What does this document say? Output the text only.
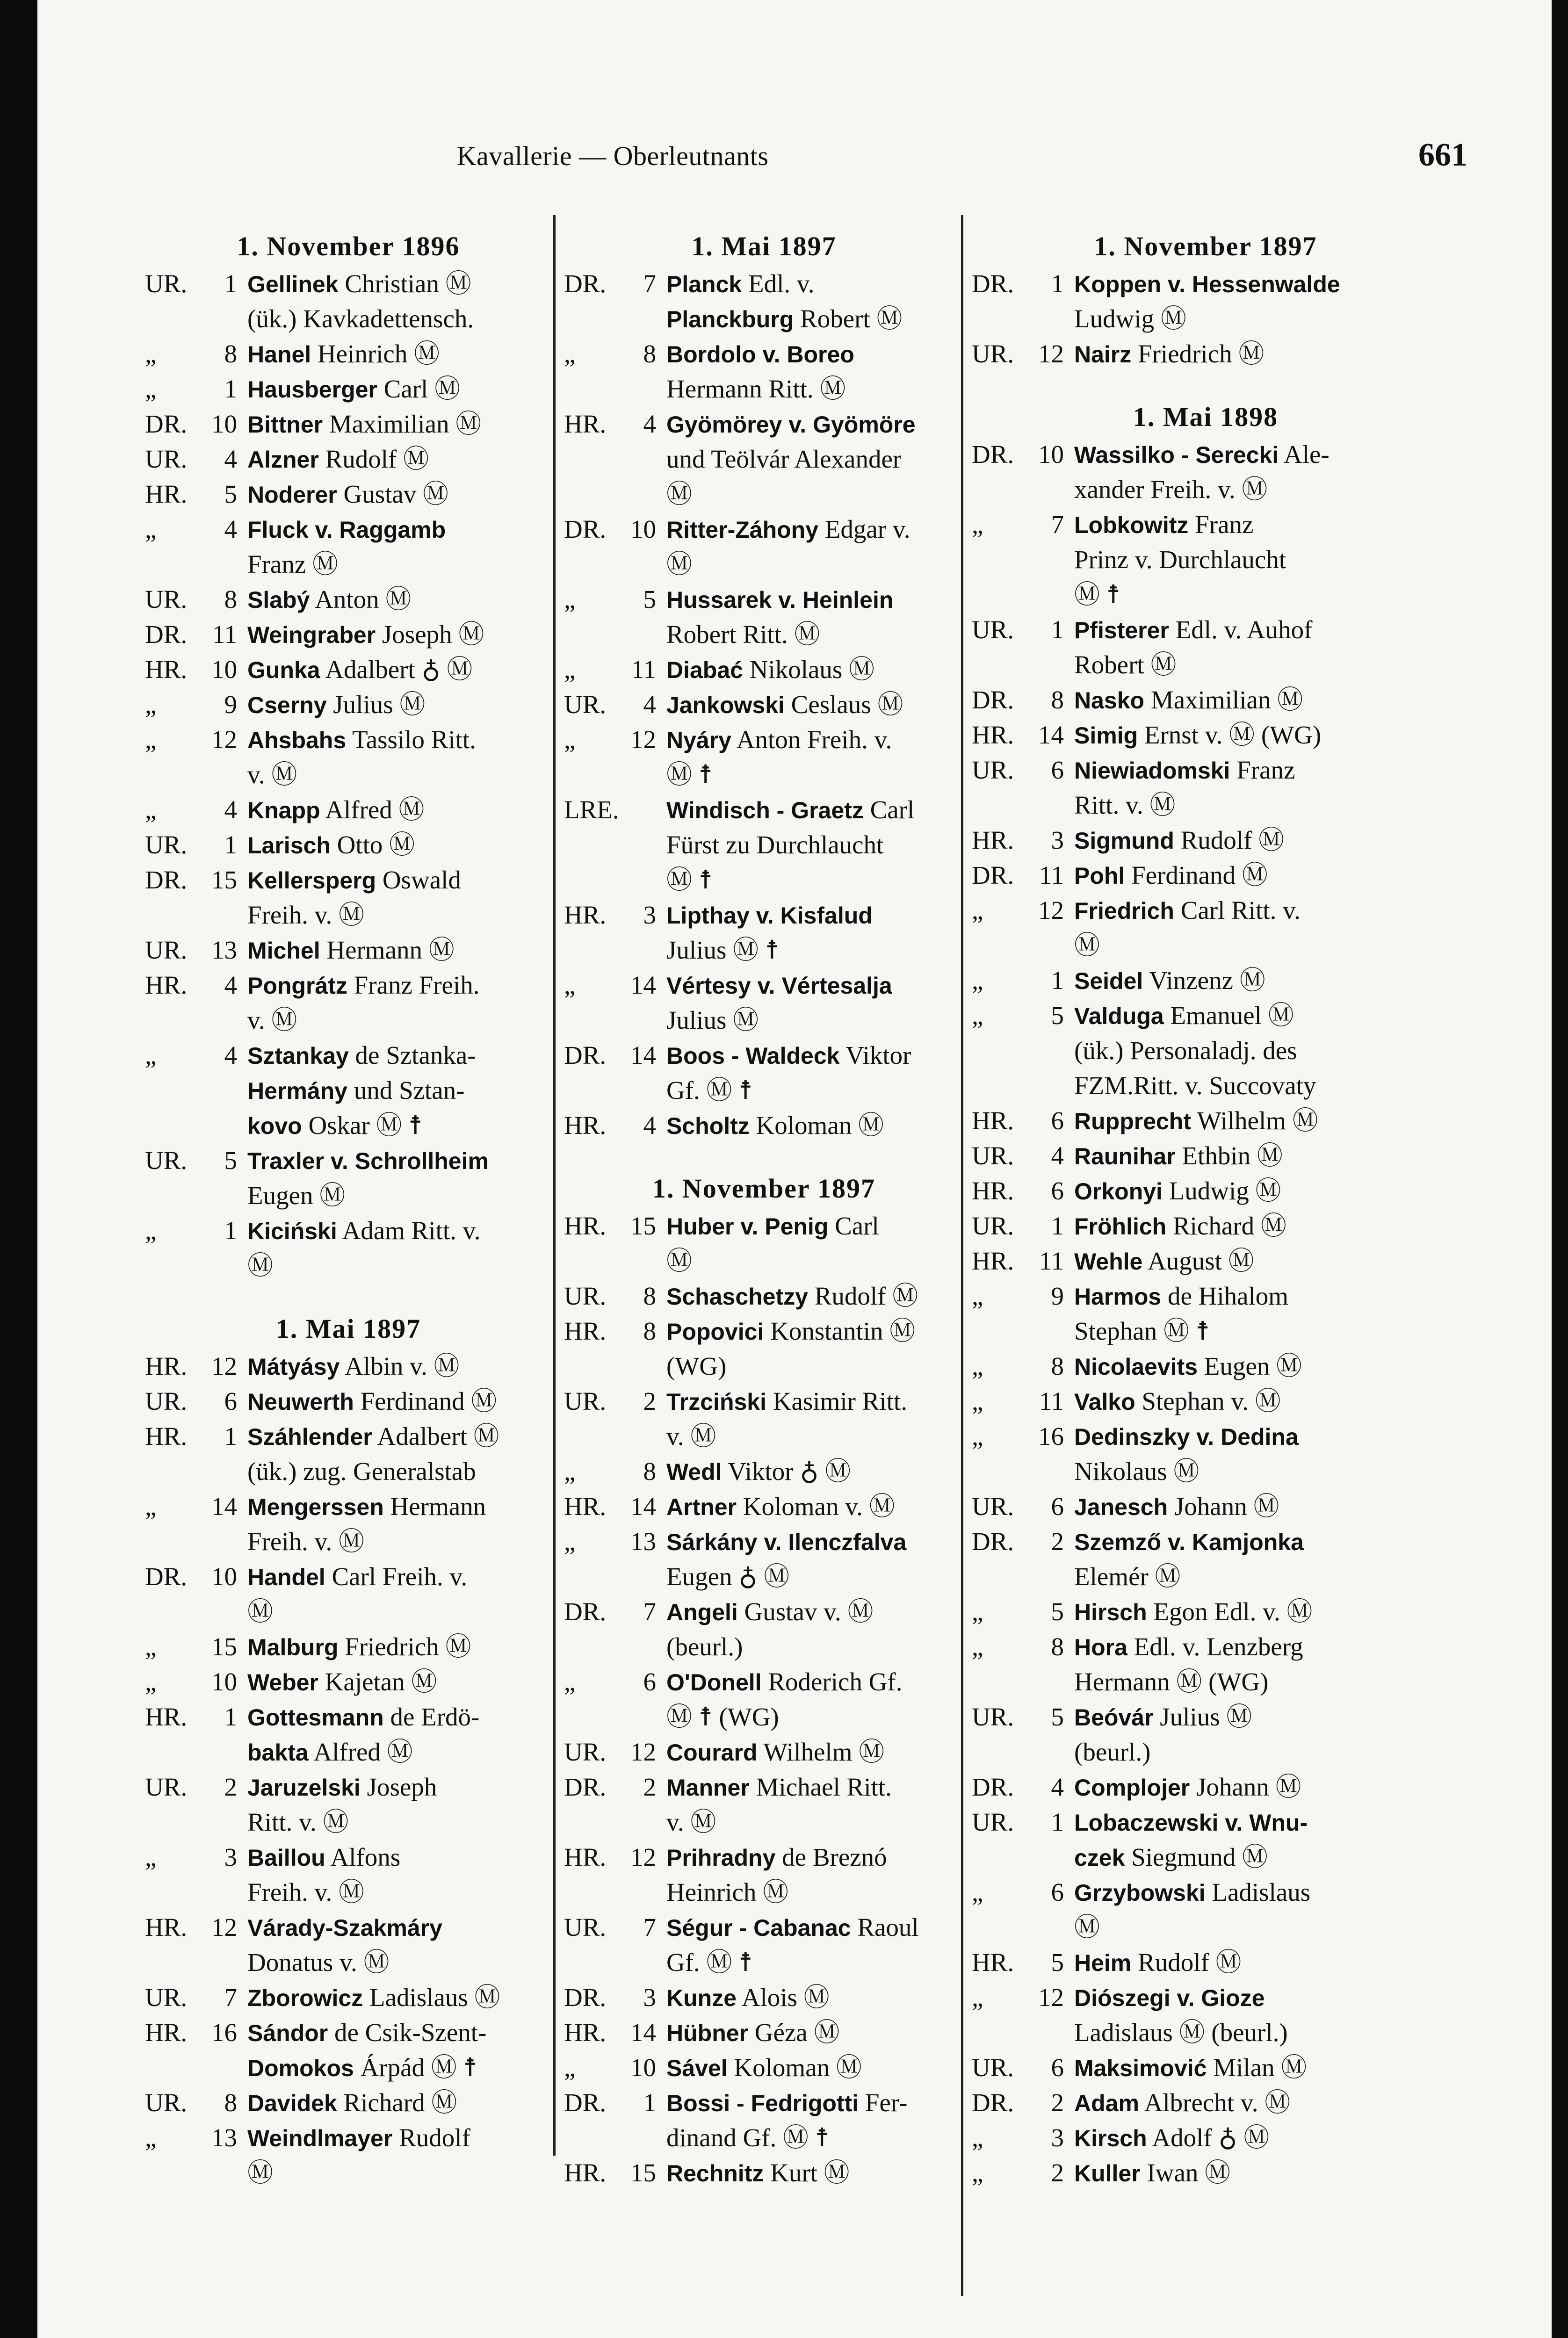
Kavallerie — Oberleutnants	661
1. November 1896
UR.	1 Gellinek Christian Ⓜ
(ük.) Kavkadettensch.
„	8 Hanel Heinrich Ⓜ
„	1 Hausberger Carl Ⓜ
DR. 10 Bittner Maximilian Ⓜ
UR.	4 Alzner Rudolf Ⓜ
HR.	5 Noderer Gustav Ⓜ
„	4 Fluck v. Raggamb
Franz Ⓜ
UR.	8 Slabý Anton Ⓜ
DR. 11 Weingraber Joseph Ⓜ
HR. 10 Gunka Adalbert ♁ Ⓜ
„	9 Cserny Julius Ⓜ
„	12 Ahsbahs Tassilo Ritt.
v. Ⓜ
„	4 Knapp Alfred Ⓜ
UR.	1 Larisch Otto Ⓜ
DR. 15 Kellersperg Oswald
Freih. v. Ⓜ
UR. 13 Michel Hermann Ⓜ
HR.	4 Pongrátz Franz Freih.
v. Ⓜ
„	4 Sztankay de Sztanka-
Hermány und Sztan-
kovo Oskar Ⓜ ☨
UR.	5 Traxler v. Schrollheim
Eugen Ⓜ
„	1 Kiciński Adam Ritt. v.
Ⓜ
1. Mai 1897
HR. 12 Mátyásy Albin v. Ⓜ
UR.	6 Neuwerth Ferdinand Ⓜ
HR.	1 Száhlender Adalbert Ⓜ
(ük.) zug. Generalstab
„	14 Mengerssen Hermann
Freih. v. Ⓜ
DR. 10 Handel Carl Freih. v.
Ⓜ
„	15 Malburg Friedrich Ⓜ
„	10 Weber Kajetan Ⓜ
HR.	1 Gottesmann de Erdö-
bakta Alfred Ⓜ
UR.	2 Jaruzelski Joseph
Ritt. v. Ⓜ
„	3 Baillou Alfons
Freih. v. Ⓜ
HR. 12 Várady-Szakmáry
Donatus v. Ⓜ
UR.	7 Zborowicz Ladislaus Ⓜ
HR. 16 Sándor de Csik-Szent-
Domokos Árpád Ⓜ ☨
UR.	8 Davidek Richard Ⓜ
„	13 Weindlmayer Rudolf
Ⓜ
1. Mai 1897
DR.	7 Planck Edl. v.
Planckburg Robert Ⓜ
„	8 Bordolo v. Boreo
Hermann Ritt. Ⓜ
HR.	4 Gyömörey v. Gyömöre
und Teölvár Alexander
Ⓜ
DR. 10 Ritter-Záhony Edgar v.
Ⓜ
„	5 Hussarek v. Heinlein
Robert Ritt. Ⓜ
„	11 Diabać Nikolaus Ⓜ
UR.	4 Jankowski Ceslaus Ⓜ
„	12 Nyáry Anton Freih. v.
Ⓜ ☨
LRE. Windisch - Graetz Carl
Fürst zu Durchlaucht
Ⓜ ☨
HR.	3 Lipthay v. Kisfalud
Julius Ⓜ ☨
„	14 Vértesy v. Vértesalja
Julius Ⓜ
DR. 14 Boos - Waldeck Viktor
Gf. Ⓜ ☨
HR.	4 Scholtz Koloman Ⓜ
1. November 1897
HR. 15 Huber v. Penig Carl
Ⓜ
UR.	8 Schaschetzy Rudolf Ⓜ
HR.	8 Popovici Konstantin Ⓜ
(WG)
UR.	2 Trzciński Kasimir Ritt.
v. Ⓜ
„	8 Wedl Viktor ♁ Ⓜ
HR. 14 Artner Koloman v. Ⓜ
„	13 Sárkány v. Ilenczfalva
Eugen ♁ Ⓜ
DR.	7 Angeli Gustav v. Ⓜ
(beurl.)
„	6 O'Donell Roderich Gf.
Ⓜ ☨ (WG)
UR. 12 Courard Wilhelm Ⓜ
DR.	2 Manner Michael Ritt.
v. Ⓜ
HR. 12 Prihradny de Breznó
Heinrich Ⓜ
UR.	7 Ségur - Cabanac Raoul
Gf. Ⓜ ☨
DR.	3 Kunze Alois Ⓜ
HR. 14 Hübner Géza Ⓜ
„	10 Sável Koloman Ⓜ
DR.	1 Bossi - Fedrigotti Fer-
dinand Gf. Ⓜ ☨
HR. 15 Rechnitz Kurt Ⓜ
1. November 1897
DR.	1 Koppen v. Hessenwalde
Ludwig Ⓜ
UR. 12 Nairz Friedrich Ⓜ
1. Mai 1898
DR. 10 Wassilko - Serecki Ale-
xander Freih. v. Ⓜ
„	7 Lobkowitz Franz
Prinz v. Durchlaucht
Ⓜ ☨
UR.	1 Pfisterer Edl. v. Auhof
Robert Ⓜ
DR.	8 Nasko Maximilian Ⓜ
HR. 14 Simig Ernst v. Ⓜ (WG)
UR.	6 Niewiadomski Franz
Ritt. v. Ⓜ
HR.	3 Sigmund Rudolf Ⓜ
DR. 11 Pohl Ferdinand Ⓜ
„	12 Friedrich Carl Ritt. v.
Ⓜ
„	1 Seidel Vinzenz Ⓜ
„	5 Valduga Emanuel Ⓜ
(ük.) Personaladj. des
FZM.Ritt. v. Succovaty
HR.	6 Rupprecht Wilhelm Ⓜ
UR.	4 Raunihar Ethbin Ⓜ
HR.	6 Orkonyi Ludwig Ⓜ
UR.	1 Fröhlich Richard Ⓜ
HR. 11 Wehle August Ⓜ
„	9 Harmos de Hihalom
Stephan Ⓜ ☨
„	8 Nicolaevits Eugen Ⓜ
„	11 Valko Stephan v. Ⓜ
„	16 Dedinszky v. Dedina
Nikolaus Ⓜ
UR.	6 Janesch Johann Ⓜ
DR.	2 Szemző v. Kamjonka
Elemér Ⓜ
„	5 Hirsch Egon Edl. v. Ⓜ
„	8 Hora Edl. v. Lenzberg
Hermann Ⓜ (WG)
UR.	5 Beóvár Julius Ⓜ
(beurl.)
DR.	4 Complojer Johann Ⓜ
UR.	1 Lobaczewski v. Wnu-
czek Siegmund Ⓜ
„	6 Grzybowski Ladislaus
Ⓜ
HR.	5 Heim Rudolf Ⓜ
„	12 Diószegi v. Gioze
Ladislaus Ⓜ (beurl.)
UR.	6 Maksimović Milan Ⓜ
DR.	2 Adam Albrecht v. Ⓜ
„	3 Kirsch Adolf ♁ Ⓜ
„	2 Kuller Iwan Ⓜ
